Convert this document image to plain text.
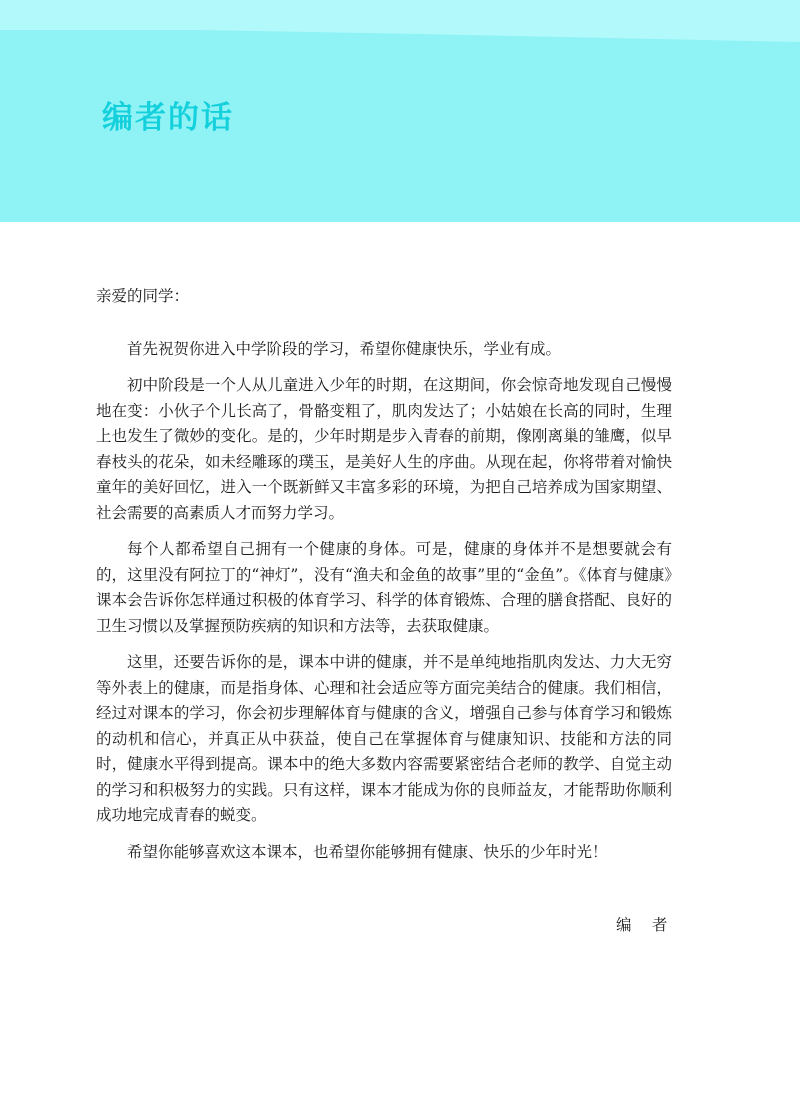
编者的话

亲爱的同学：

首先祝贺你进入中学阶段的学习，希望你健康快乐，学业有成。

初中阶段是一个人从儿童进入少年的时期，在这期间，你会惊奇地发现自己慢慢地在变：小伙子个儿长高了，骨骼变粗了，肌肉发达了；小姑娘在长高的同时，生理上也发生了微妙的变化。是的，少年时期是步入青春的前期，像刚离巢的雏鹰，似早春枝头的花朵，如未经雕琢的璞玉，是美好人生的序曲。从现在起，你将带着对愉快童年的美好回忆，进入一个既新鲜又丰富多彩的环境，为把自己培养成为国家期望、社会需要的高素质人才而努力学习。

每个人都希望自己拥有一个健康的身体。可是，健康的身体并不是想要就会有的，这里没有阿拉丁的“神灯”，没有“渔夫和金鱼的故事”里的“金鱼”。《体育与健康》课本会告诉你怎样通过积极的体育学习、科学的体育锻炼、合理的膳食搭配、良好的卫生习惯以及掌握预防疾病的知识和方法等，去获取健康。

这里，还要告诉你的是，课本中讲的健康，并不是单纯地指肌肉发达、力大无穷等外表上的健康，而是指身体、心理和社会适应等方面完美结合的健康。我们相信，经过对课本的学习，你会初步理解体育与健康的含义，增强自己参与体育学习和锻炼的动机和信心，并真正从中获益，使自己在掌握体育与健康知识、技能和方法的同时，健康水平得到提高。课本中的绝大多数内容需要紧密结合老师的教学、自觉主动的学习和积极努力的实践。只有这样，课本才能成为你的良师益友，才能帮助你顺利成功地完成青春的蜕变。

希望你能够喜欢这本课本，也希望你能够拥有健康、快乐的少年时光！

编 者
